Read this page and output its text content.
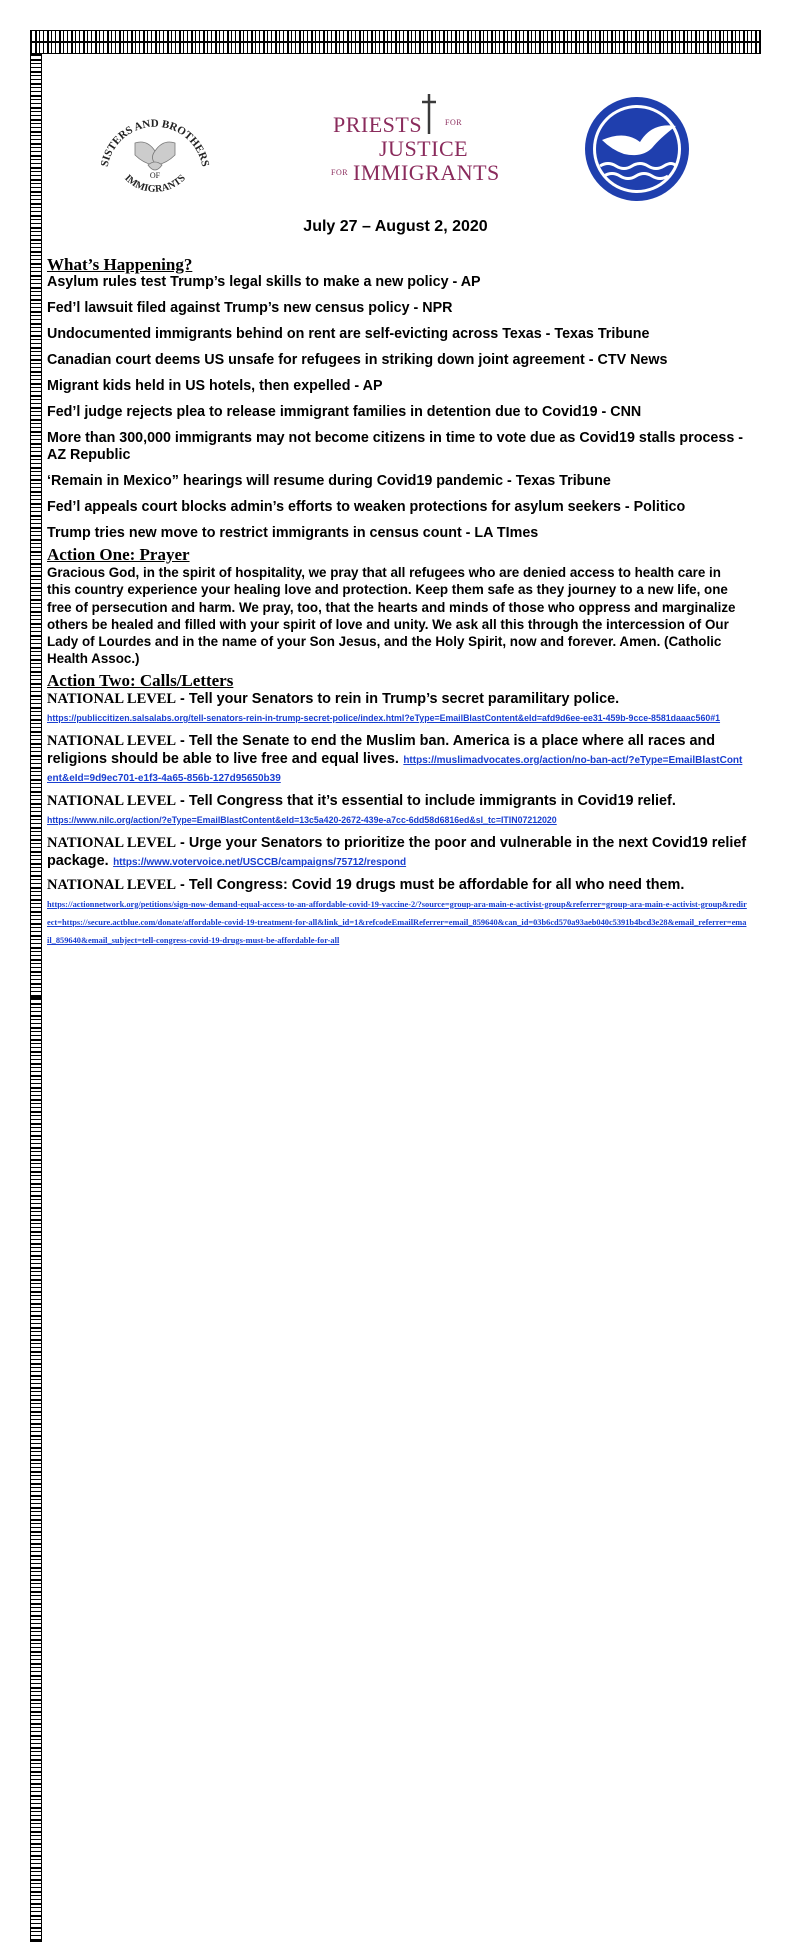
SISTERS AND BROTHERS
OF
IMMIGRANTS
PRIESTS	FOR
JUSTICE
FOR IMMIGRANTS
July 27 – August 2, 2020
What’s Happening?

Asylum rules test Trump’s legal skills to make a new policy - AP

Fed’l lawsuit filed against Trump’s new census policy - NPR

Undocumented immigrants behind on rent are self-evicting across Texas - Texas Tribune

Canadian court deems US unsafe for refugees in striking down joint agreement - CTV News

Migrant kids held in US hotels, then expelled - AP

Fed’l judge rejects plea to release immigrant families in detention due to Covid19 - CNN

More than 300,000 immigrants may not become citizens in time to vote due as Covid19 stalls process - AZ Republic

‘Remain in Mexico” hearings will resume during Covid19 pandemic - Texas Tribune

Fed’l appeals court blocks admin’s efforts to weaken protections for asylum seekers - Politico

Trump tries new move to restrict immigrants in census count - LA TImes

Action One: Prayer

Gracious God, in the spirit of hospitality, we pray that all refugees who are denied access to health care in this country experience your healing love and protection. Keep them safe as they journey to a new life, one free of persecution and harm. We pray, too, that the hearts and minds of those who oppress and marginalize others be healed and filled with your spirit of love and unity. We ask all this through the intercession of Our Lady of Lourdes and in the name of your Son Jesus, and the Holy Spirit, now and forever. Amen. (Catholic Health Assoc.)

Action Two: Calls/Letters
NATIONAL LEVEL - Tell your Senators to rein in Trump’s secret paramilitary police.
https://publiccitizen.salsalabs.org/tell-senators-rein-in-trump-secret-police/index.html?eType=EmailBlastContent&eId=afd9d6ee-ee31-459b-9cce-8581daaac560#1
NATIONAL LEVEL - Tell the Senate to end the Muslim ban. America is a place where all races and religions should be able to live free and equal lives. https://muslimadvocates.org/action/no-ban-act/?eType=EmailBlastContent&eId=9d9ec701-e1f3-4a65-856b-127d95650b39
NATIONAL LEVEL - Tell Congress that it’s essential to include immigrants in Covid19 relief.
https://www.nilc.org/action/?eType=EmailBlastContent&eId=13c5a420-2672-439e-a7cc-6dd58d6816ed&sl_tc=ITIN07212020
NATIONAL LEVEL - Urge your Senators to prioritize the poor and vulnerable in the next Covid19 relief package. https://www.votervoice.net/USCCB/campaigns/75712/respond
NATIONAL LEVEL - Tell Congress: Covid 19 drugs must be affordable for all who need them.
https://actionnetwork.org/petitions/sign-now-demand-equal-access-to-an-affordable-covid-19-vaccine-2/?source=group-ara-main-e-activist-group&referrer=group-ara-main-e-activist-group&redirect=https://secure.actblue.com/donate/affordable-covid-19-treatment-for-all&link_id=1&refcodeEmailReferrer=email_859640&can_id=03b6cd570a93aeb040c5391b4bcd3e28&email_referrer=email_859640&email_subject=tell-congress-covid-19-drugs-must-be-affordable-for-all
